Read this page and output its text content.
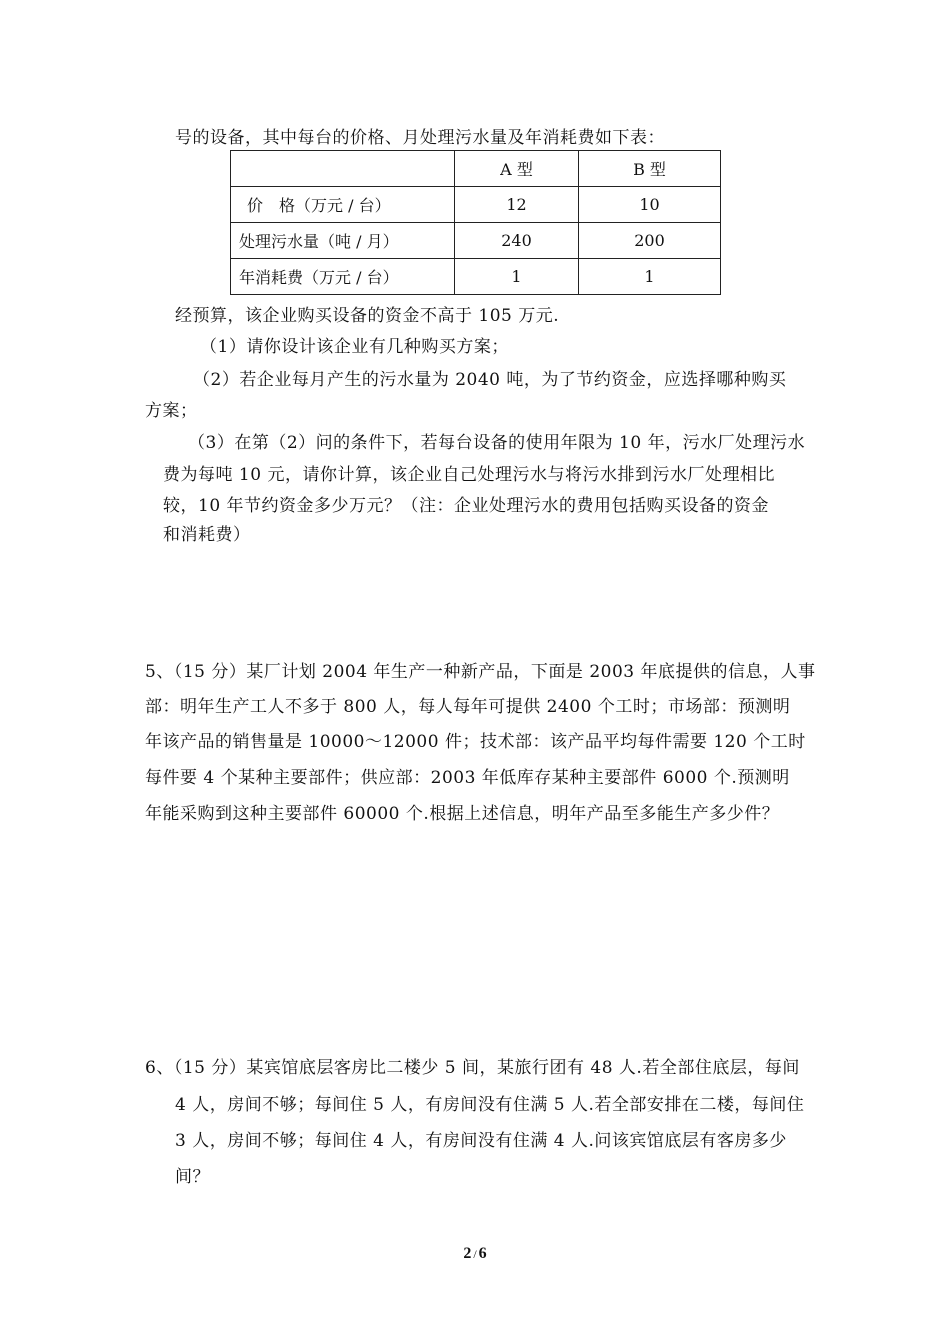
号的设备，其中每台的价格、月处理污水量及年消耗费如下表：
	A 型	B 型
价　格（万元 / 台）	12	10
处理污水量（吨 / 月）	240	200
年消耗费（万元 / 台）	1	1
经预算，该企业购买设备的资金不高于 105 万元.
（1）请你设计该企业有几种购买方案；
（2）若企业每月产生的污水量为 2040 吨，为了节约资金，应选择哪种购买
方案；
（3）在第（2）问的条件下，若每台设备的使用年限为 10 年，污水厂处理污水
费为每吨 10 元，请你计算，该企业自己处理污水与将污水排到污水厂处理相比
较，10 年节约资金多少万元？（注：企业处理污水的费用包括购买设备的资金
和消耗费）
5、（15 分）某厂计划 2004 年生产一种新产品，下面是 2003 年底提供的信息，人事
部：明年生产工人不多于 800 人，每人每年可提供 2400 个工时；市场部：预测明
年该产品的销售量是 10000～12000 件；技术部：该产品平均每件需要 120 个工时
每件要 4 个某种主要部件；供应部：2003 年低库存某种主要部件 6000 个.预测明
年能采购到这种主要部件 60000 个.根据上述信息，明年产品至多能生产多少件？
6、（15 分）某宾馆底层客房比二楼少 5 间，某旅行团有 48 人.若全部住底层，每间
4 人，房间不够；每间住 5 人，有房间没有住满 5 人.若全部安排在二楼，每间住
3 人，房间不够；每间住 4 人，有房间没有住满 4 人.问该宾馆底层有客房多少
间？
2 / 6
